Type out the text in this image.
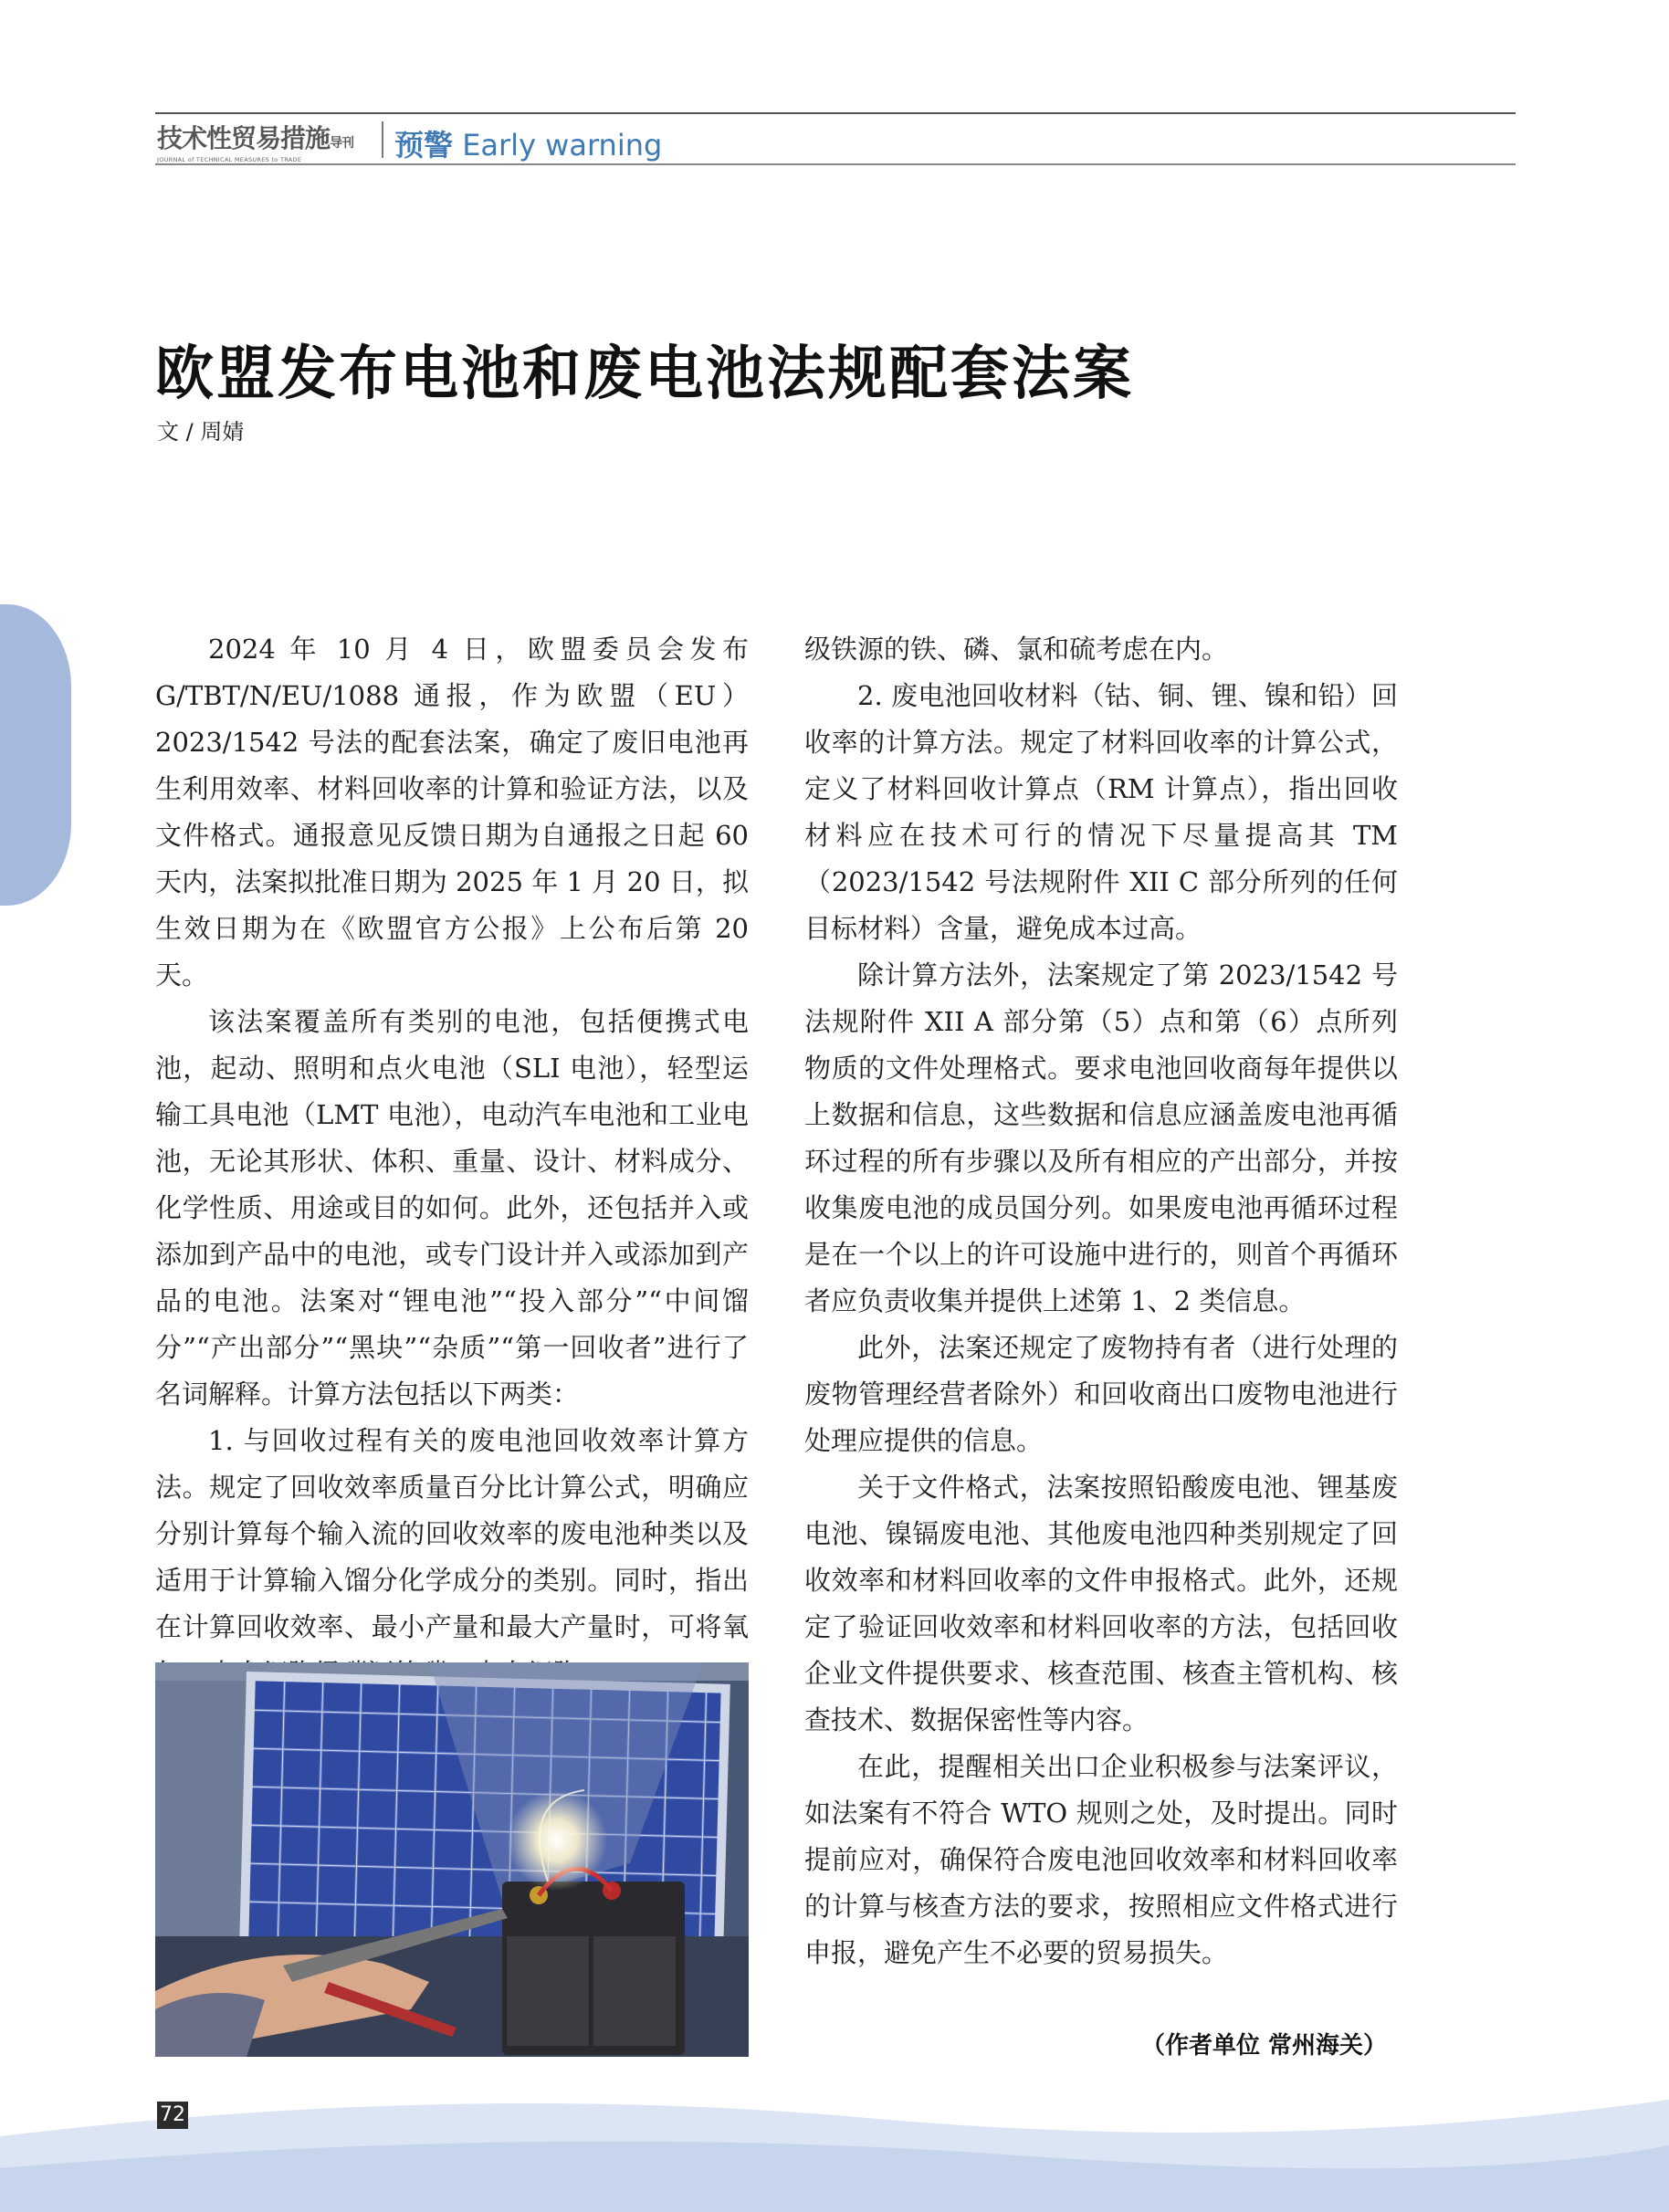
技术性贸易措施导刊
JOURNAL of TECHNICAL MEASURES to TRADE	预警 Early warning
欧盟发布电池和废电池法规配套法案
文 / 周婧

2024 年 10 月 4 日，欧盟委员会发布 G/TBT/N/EU/1088 通报，作为欧盟（EU）2023/1542 号法的配套法案，确定了废旧电池再生利用效率、材料回收率的计算和验证方法，以及文件格式。通报意见反馈日期为自通报之日起 60 天内，法案拟批准日期为 2025 年 1 月 20 日，拟生效日期为在《欧盟官方公报》上公布后第 20 天。

该法案覆盖所有类别的电池，包括便携式电池，起动、照明和点火电池（SLI 电池），轻型运输工具电池（LMT 电池），电动汽车电池和工业电池，无论其形状、体积、重量、设计、材料成分、化学性质、用途或目的如何。此外，还包括并入或添加到产品中的电池，或专门设计并入或添加到产品的电池。法案对“锂电池”“投入部分”“中间馏分”“产出部分”“黑块”“杂质”“第一回收者”进行了名词解释。计算方法包括以下两类：

1. 与回收过程有关的废电池回收效率计算方法。规定了回收效率质量百分比计算公式，明确应分别计算每个输入流的回收效率的废电池种类以及适用于计算输入馏分化学成分的类别。同时，指出在计算回收效率、最小产量和最大产量时，可将氧

级铁源的铁、磷、氯和硫考虑在内。

2. 废电池回收材料（钴、铜、锂、镍和铅）回收率的计算方法。规定了材料回收率的计算公式，定义了材料回收计算点（RM 计算点），指出回收材料应在技术可行的情况下尽量提高其 TM（2023/1542 号法规附件 XII C 部分所列的任何目标材料）含量，避免成本过高。

除计算方法外，法案规定了第 2023/1542 号法规附件 XII A 部分第（5）点和第（6）点所列物质的文件处理格式。要求电池回收商每年提供以上数据和信息，这些数据和信息应涵盖废电池再循环过程的所有步骤以及所有相应的产出部分，并按收集废电池的成员国分列。如果废电池再循环过程是在一个以上的许可设施中进行的，则首个再循环者应负责收集并提供上述第 1、2 类信息。

此外，法案还规定了废物持有者（进行处理的废物管理经营者除外）和回收商出口废物电池进行处理应提供的信息。

关于文件格式，法案按照铅酸废电池、锂基废电池、镍镉废电池、其他废电池四种类别规定了回收效率和材料回收率的文件申报格式。此外，还规定了验证回收效率和材料回收率的方法，包括回收企业文件提供要求、核查范围、核查主管机构、核查技术、数据保密性等内容。

在此，提醒相关出口企业积极参与法案评议，如法案有不符合 WTO 规则之处，及时提出。同时提前应对，确保符合废电池回收效率和材料回收率的计算与核查方法的要求，按照相应文件格式进行申报，避免产生不必要的贸易损失。

（作者单位 常州海关）
72
